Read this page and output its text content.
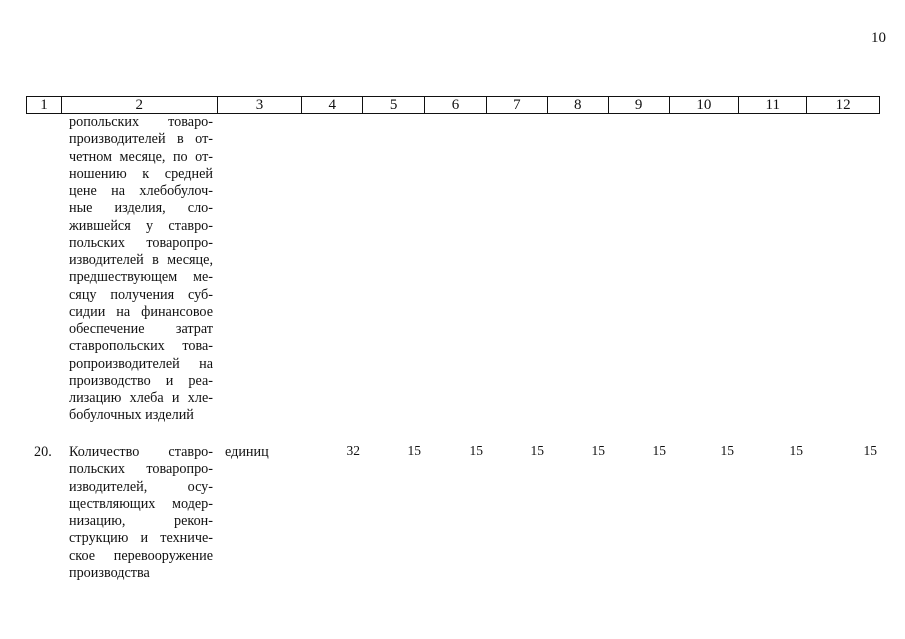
10
1	2	3	4	5	6	7	8	9	10	11	12
ропольских товаро-
производителей в от-
четном месяце, по от-
ношению к средней
цене на хлебобулоч-
ные изделия, сло-
жившейся у ставро-
польских товаропро-
изводителей в месяце,
предшествующем ме-
сяцу получения суб-
сидии на финансовое
обеспечение затрат
ставропольских това-
ропроизводителей на
производство и реа-
лизацию хлеба и хле-
бобулочных изделий
20. Количество ставро-
польских товаропро-
изводителей, осу-
ществляющих модер-
низацию, рекон-
струкцию и техниче-
ское перевооружение
производства
единиц	32	15	15	15	15	15	15	15	15
